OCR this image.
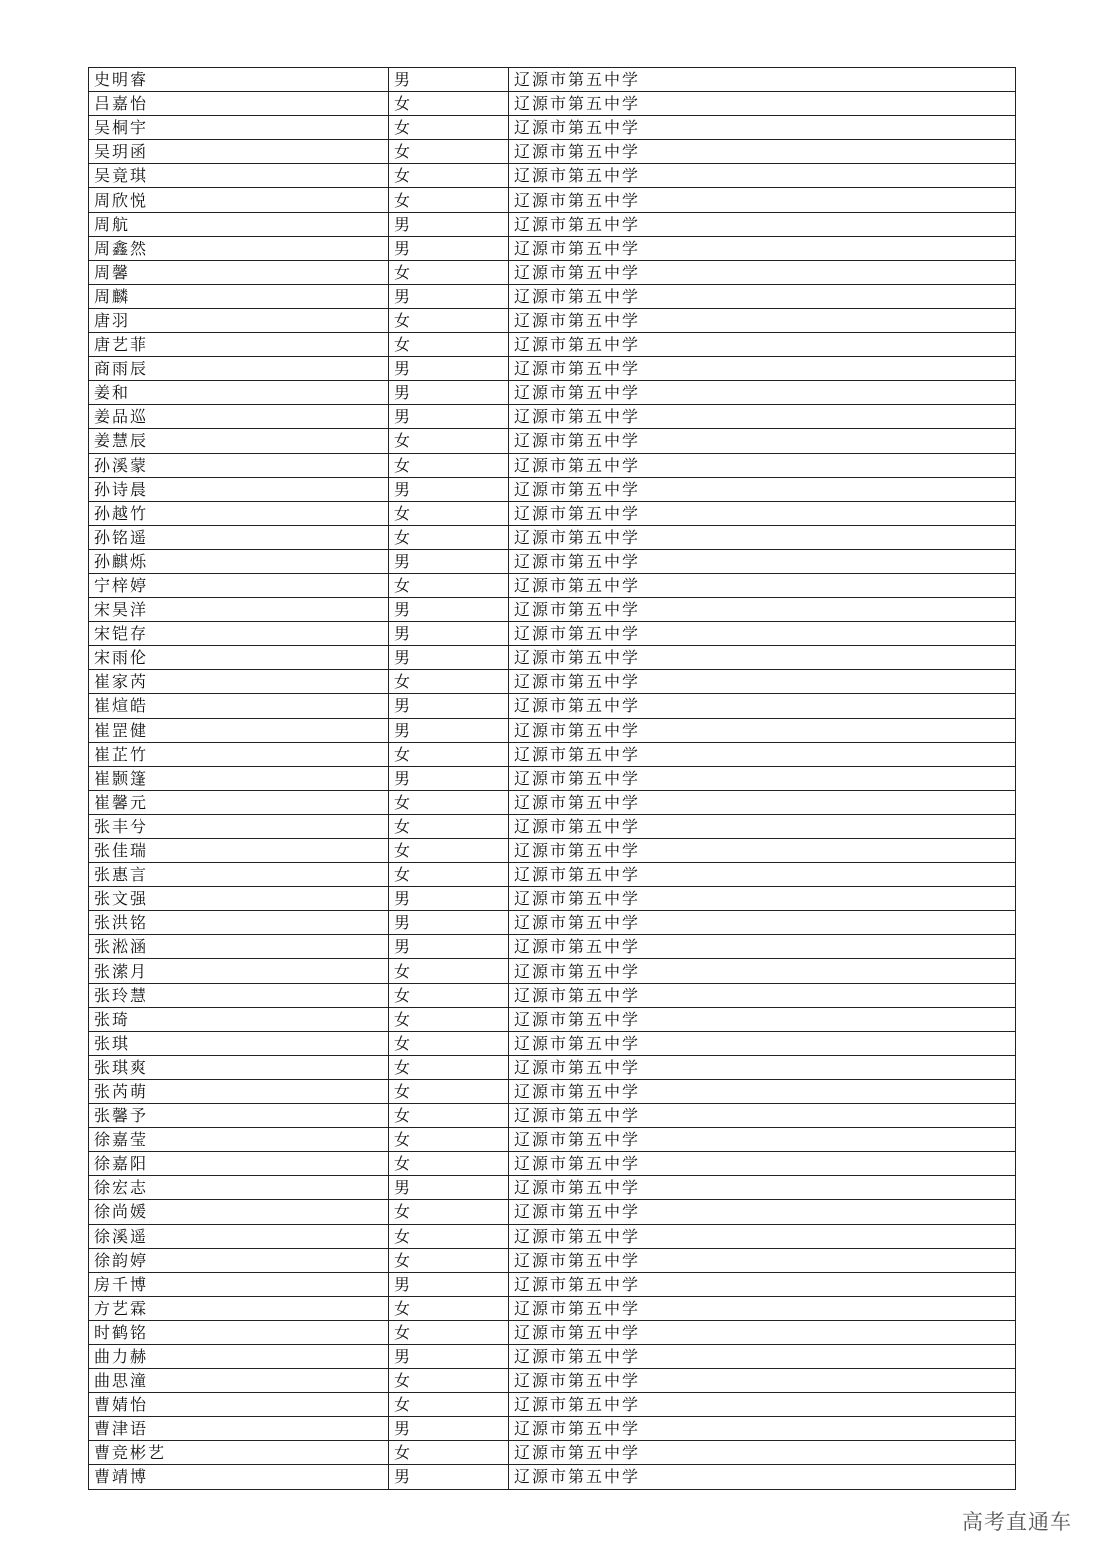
史明睿	男	辽源市第五中学
吕嘉怡	女	辽源市第五中学
吴桐宇	女	辽源市第五中学
吴玥函	女	辽源市第五中学
吴竟琪	女	辽源市第五中学
周欣悦	女	辽源市第五中学
周航	男	辽源市第五中学
周鑫然	男	辽源市第五中学
周馨	女	辽源市第五中学
周麟	男	辽源市第五中学
唐羽	女	辽源市第五中学
唐艺菲	女	辽源市第五中学
商雨辰	男	辽源市第五中学
姜和	男	辽源市第五中学
姜品巡	男	辽源市第五中学
姜慧辰	女	辽源市第五中学
孙溪蒙	女	辽源市第五中学
孙诗晨	男	辽源市第五中学
孙越竹	女	辽源市第五中学
孙铭遥	女	辽源市第五中学
孙麒烁	男	辽源市第五中学
宁梓婷	女	辽源市第五中学
宋昊洋	男	辽源市第五中学
宋铠存	男	辽源市第五中学
宋雨伦	男	辽源市第五中学
崔家芮	女	辽源市第五中学
崔煊皓	男	辽源市第五中学
崔罡健	男	辽源市第五中学
崔芷竹	女	辽源市第五中学
崔颢篷	男	辽源市第五中学
崔馨元	女	辽源市第五中学
张丰兮	女	辽源市第五中学
张佳瑞	女	辽源市第五中学
张惠言	女	辽源市第五中学
张文强	男	辽源市第五中学
张洪铭	男	辽源市第五中学
张淞涵	男	辽源市第五中学
张潆月	女	辽源市第五中学
张玲慧	女	辽源市第五中学
张琦	女	辽源市第五中学
张琪	女	辽源市第五中学
张琪爽	女	辽源市第五中学
张芮萌	女	辽源市第五中学
张馨予	女	辽源市第五中学
徐嘉莹	女	辽源市第五中学
徐嘉阳	女	辽源市第五中学
徐宏志	男	辽源市第五中学
徐尚媛	女	辽源市第五中学
徐溪遥	女	辽源市第五中学
徐韵婷	女	辽源市第五中学
房千博	男	辽源市第五中学
方艺霖	女	辽源市第五中学
时鹤铭	女	辽源市第五中学
曲力赫	男	辽源市第五中学
曲思潼	女	辽源市第五中学
曹婧怡	女	辽源市第五中学
曹津语	男	辽源市第五中学
曹竞彬艺	女	辽源市第五中学
曹靖博	男	辽源市第五中学
高考直通车
